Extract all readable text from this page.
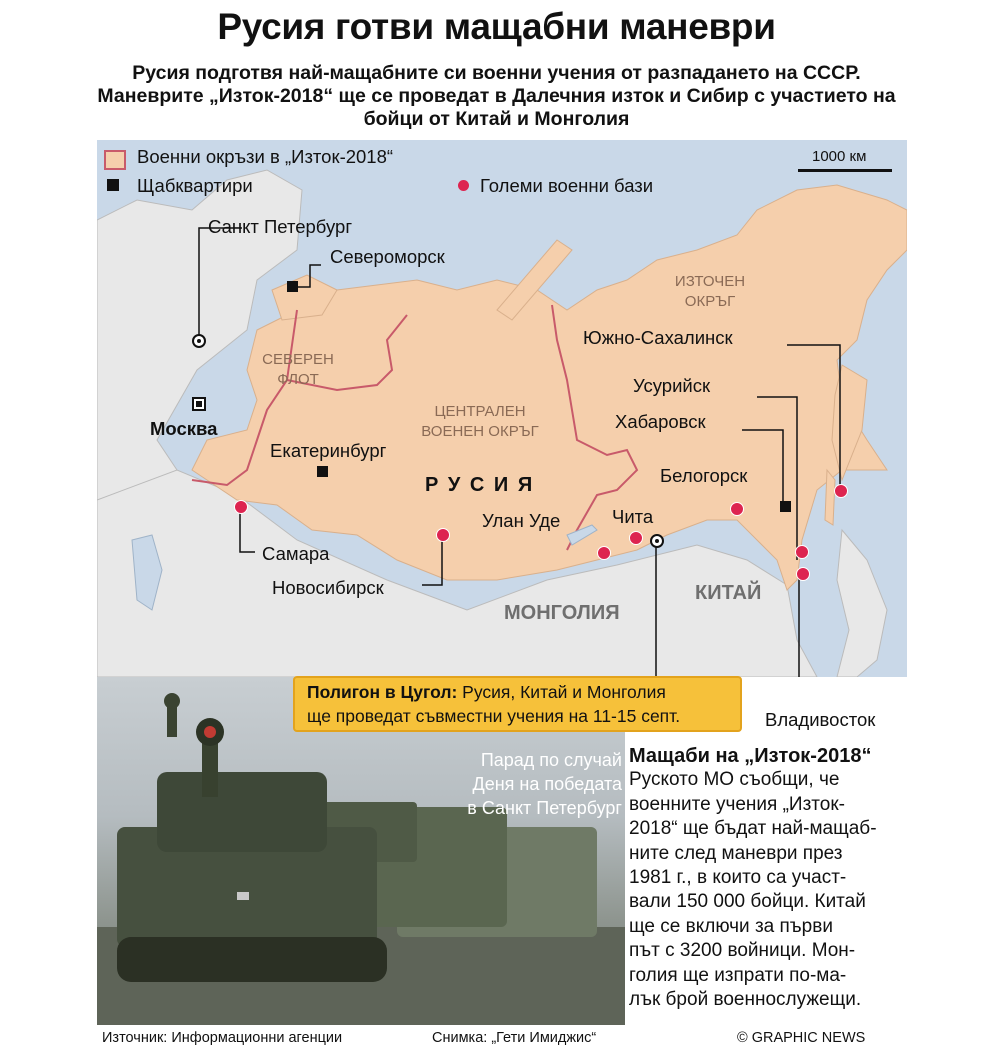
Русия готви мащабни маневри
Русия подготвя най-мащабните си военни учения от разпадането на СССР. Маневрите „Изток-2018“ ще се проведат в Далечния изток и Сибир с участието на бойци от Китай и Монголия
Военни окръзи в „Изток-2018“
Щабквартири	Големи военни бази
1000 км
СЕВЕРЕН ФЛОТ
ЦЕНТРАЛЕН ВОЕНЕН ОКРЪГ
ИЗТОЧЕН ОКРЪГ
Р У С И Я
МОНГОЛИЯ
КИТАЙ
Санкт Петербург
Североморск
Москва
Екатеринбург
Самара
Новосибирск
Улан Уде	Чита
Белогорск
Хабаровск
Усурийск
Южно-Сахалинск
Владивосток
Парад по случай
Деня на победата
в Санкт Петербург
Полигон в Цугол: Русия, Китай и Монголия
ще проведат съвместни учения на 11-15 септ.
Мащаби на „Изток-2018“
Руското МО съобщи, че
военните учения „Изток-
2018“ ще бъдат най-мащаб-
ните след маневри през
1981 г., в които са участ-
вали 150 000 бойци. Китай
ще се включи за първи
път с 3200 войници. Мон-
голия ще изпрати по-ма-
лък брой военнослужещи.
Източник: Информационни агенции	Снимка: „Гети Имиджис“	© GRAPHIC NEWS
